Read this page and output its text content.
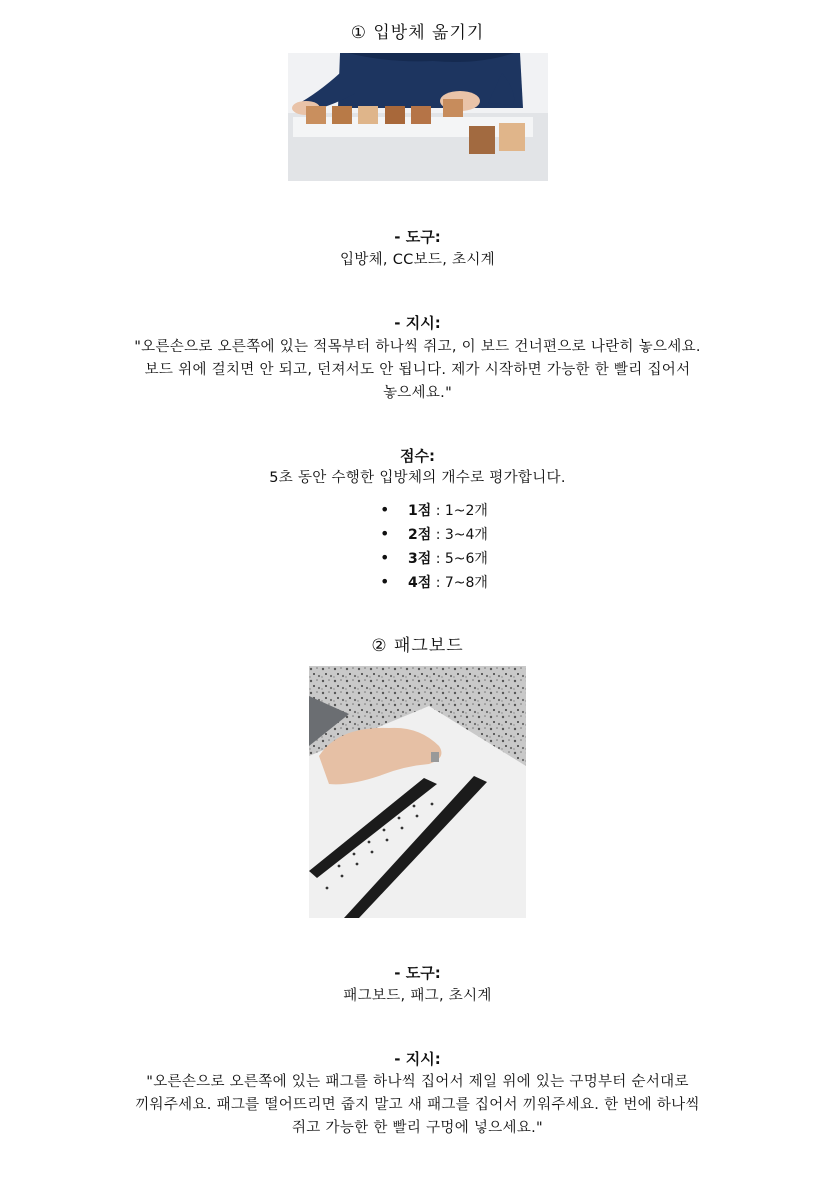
① 입방체 옮기기
- 도구:
입방체, CC보드, 초시계
- 지시:
"오른손으로 오른쪽에 있는 적목부터 하나씩 쥐고, 이 보드 건너편으로 나란히 놓으세요.
보드 위에 걸치면 안 되고, 던져서도 안 됩니다. 제가 시작하면 가능한 한 빨리 집어서
놓으세요."
점수:
5초 동안 수행한 입방체의 개수로 평가합니다.
• 1점 : 1~2개
• 2점 : 3~4개
• 3점 : 5~6개
• 4점 : 7~8개
② 패그보드
- 도구:
패그보드, 패그, 초시계
- 지시:
"오른손으로 오른쪽에 있는 패그를 하나씩 집어서 제일 위에 있는 구멍부터 순서대로
끼워주세요. 패그를 떨어뜨리면 줍지 말고 새 패그를 집어서 끼워주세요. 한 번에 하나씩
쥐고 가능한 한 빨리 구멍에 넣으세요."
